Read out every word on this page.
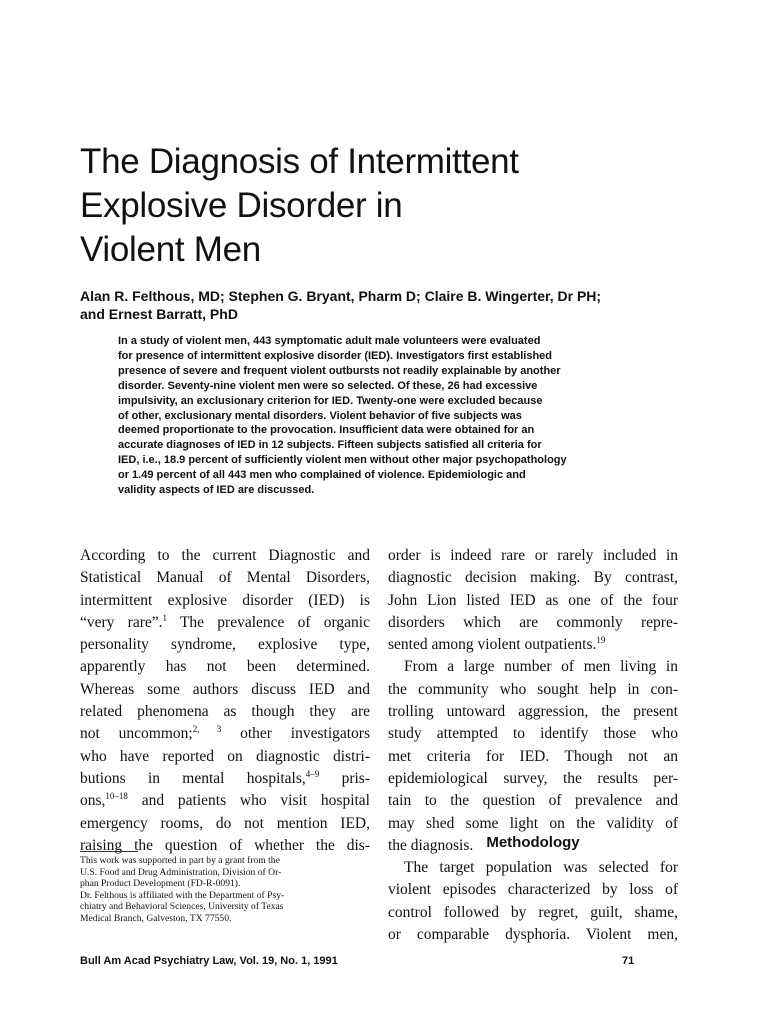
The Diagnosis of Intermittent
Explosive Disorder in
Violent Men
Alan R. Felthous, MD; Stephen G. Bryant, Pharm D; Claire B. Wingerter, Dr PH;
and Ernest Barratt, PhD
In a study of violent men, 443 symptomatic adult male volunteers were evaluated
for presence of intermittent explosive disorder (IED). Investigators first established
presence of severe and frequent violent outbursts not readily explainable by another
disorder. Seventy-nine violent men were so selected. Of these, 26 had excessive
impulsivity, an exclusionary criterion for IED. Twenty-one were excluded because
of other, exclusionary mental disorders. Violent behavior of five subjects was
deemed proportionate to the provocation. Insufficient data were obtained for an
accurate diagnoses of IED in 12 subjects. Fifteen subjects satisfied all criteria for
IED, i.e., 18.9 percent of sufficiently violent men without other major psychopathology
or 1.49 percent of all 443 men who complained of violence. Epidemiologic and
validity aspects of IED are discussed.
According to the current Diagnostic and
Statistical Manual of Mental Disorders,
intermittent explosive disorder (IED) is
“very rare”.$^1$ The prevalence of organic
personality syndrome, explosive type,
apparently has not been determined.
Whereas some authors discuss IED and
related phenomena as though they are
not uncommon;$^{2, 3}$ other investigators
who have reported on diagnostic distri-
butions in mental hospitals,$^{4-9}$ pris-
ons,$^{10-18}$ and patients who visit hospital
emergency rooms, do not mention IED,
raising the question of whether the dis-
order is indeed rare or rarely included in
diagnostic decision making. By contrast,
John Lion listed IED as one of the four
disorders which are commonly repre-
sented among violent outpatients.$^{19}$
From a large number of men living in
the community who sought help in con-
trolling untoward aggression, the present
study attempted to identify those who
met criteria for IED. Though not an
epidemiological survey, the results per-
tain to the question of prevalence and
may shed some light on the validity of
the diagnosis. Methodology
The target population was selected for
violent episodes characterized by loss of
control followed by regret, guilt, shame,
or comparable dysphoria. Violent men,
This work was supported in part by a grant from the
U.S. Food and Drug Administration, Division of Or-
phan Product Development (FD-R-0091).
Dr. Felthous is affiliated with the Department of Psy-
chiatry and Behavioral Sciences, University of Texas
Medical Branch, Galveston, TX 77550.
Bull Am Acad Psychiatry Law, Vol. 19, No. 1, 1991	71
